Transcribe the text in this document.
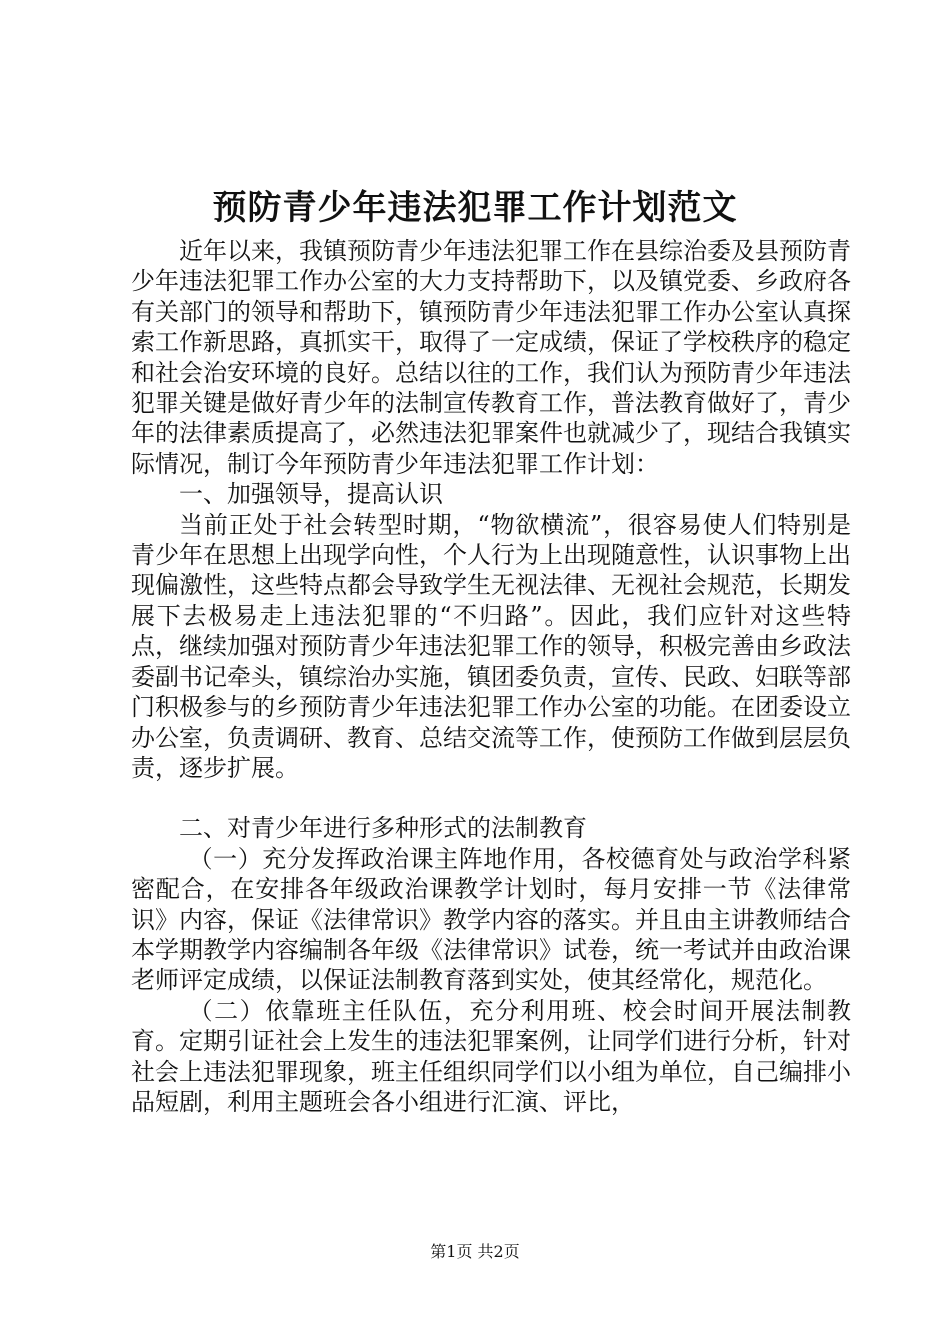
预防青少年违法犯罪工作计划范文

近年以来，我镇预防青少年违法犯罪工作在县综治委及县预防青少年违法犯罪工作办公室的大力支持帮助下，以及镇党委、乡政府各有关部门的领导和帮助下，镇预防青少年违法犯罪工作办公室认真探索工作新思路，真抓实干，取得了一定成绩，保证了学校秩序的稳定和社会治安环境的良好。总结以往的工作，我们认为预防青少年违法犯罪关键是做好青少年的法制宣传教育工作，普法教育做好了，青少年的法律素质提高了，必然违法犯罪案件也就减少了，现结合我镇实际情况，制订今年预防青少年违法犯罪工作计划：

一、加强领导，提高认识

当前正处于社会转型时期，“物欲横流”，很容易使人们特别是青少年在思想上出现学向性，个人行为上出现随意性，认识事物上出现偏激性，这些特点都会导致学生无视法律、无视社会规范，长期发展下去极易走上违法犯罪的“不归路”。因此，我们应针对这些特点，继续加强对预防青少年违法犯罪工作的领导，积极完善由乡政法委副书记牵头，镇综治办实施，镇团委负责，宣传、民政、妇联等部门积极参与的乡预防青少年违法犯罪工作办公室的功能。在团委设立办公室，负责调研、教育、总结交流等工作，使预防工作做到层层负责，逐步扩展。

二、对青少年进行多种形式的法制教育

（一）充分发挥政治课主阵地作用，各校德育处与政治学科紧密配合，在安排各年级政治课教学计划时，每月安排一节《法律常识》内容，保证《法律常识》教学内容的落实。并且由主讲教师结合本学期教学内容编制各年级《法律常识》试卷，统一考试并由政治课老师评定成绩，以保证法制教育落到实处，使其经常化，规范化。

（二）依靠班主任队伍，充分利用班、校会时间开展法制教育。定期引证社会上发生的违法犯罪案例，让同学们进行分析，针对社会上违法犯罪现象，班主任组织同学们以小组为单位，自己编排小品短剧，利用主题班会各小组进行汇演、评比，

第1页 共2页
